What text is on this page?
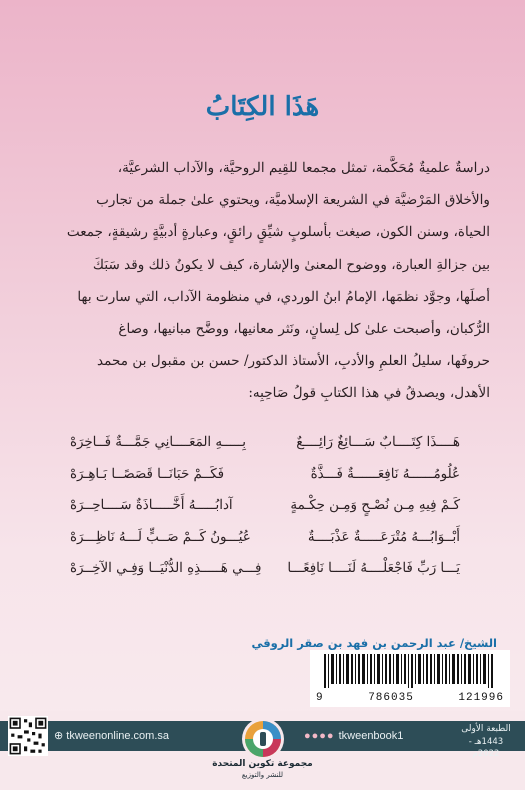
هَذَا الكِتَابُ

دراسةٌ علميةٌ مُحَكَّمة، تمثل مجمعا للقِيم الروحيَّة، والآداب الشرعيَّة،

والأخلاق المَرْضيَّة في الشريعة الإسلاميَّة، ويحتوي علىٰ جملة من تجارب

الحياة، وسنن الكون، صيغت بأسلوبٍ شيِّقٍ رائقٍ، وعبارةٍ أدبيَّةٍ رشيقةٍ، جمعت

بين جزالةِ العبارة، ووضوح المعنىٰ والإشارة، كيف لا يكونُ ذلك وقد سَبَكَ

أصلَها، وجوَّد نظمَها، الإمامُ ابنُ الوردي، في منظومة الآداب، التي سارت بها

الرُّكبان، وأصبحت علىٰ كل لِسانٍ، ونَثر معانيها، ووضَّح مبانيها، وصاغ

حروفَها، سليلُ العلمِ والأدبِ، الأستاذ الدكتور/ حسن بن مقبول بن محمد

الأهدل، ويصدقُ في هذا الكتابِ قولُ صَاحِبِه:

هَــــذَا كِتَــــابٌ سَـــائِغٌ رَائِــــعٌ
بِـــــهِ المَعَــــانِي جَمَّـــةٌ فَــاخِرَهْ
عُلُومُــــــهُ نَافِعَــــــةٌ فَـــذَّةٌ
فَكَــمْ حَبَانَــا قَصَصًــا بَـاهِـرَهْ
كَـمْ فِيهِ مِـن نُصْـحٍ وَمِـن حِكْـمةٍ
آدابُـــــهُ أَخَّـــــاذَةٌ سَــــاحِــرَهْ
أَبْــوَابُـــهُ مُتْرَعَـــــةٌ عَذْبَــــةٌ
عُيُـــونُ كَــمْ صَــبٍّ لَـــهُ نَاظِـــرَهْ
يَـــا رَبِّ فَاجْعَلْــــهُ لَنَــــا نَافِعًـــا
فِـــي هَـــــذِهِ الدُّنْيَــا وَفِـي الآخِــرَهْ
الشيخ/ عبد الرحمن بن فهد بن صقر الروقي
9	786035	121996
⊕ tkweenonline.com.sa	●●●● tkweenbook1
الطبعة الأولى
1443هـ - 2022م
مجموعة تكوين المتحدة
للنشر والتوزيع
